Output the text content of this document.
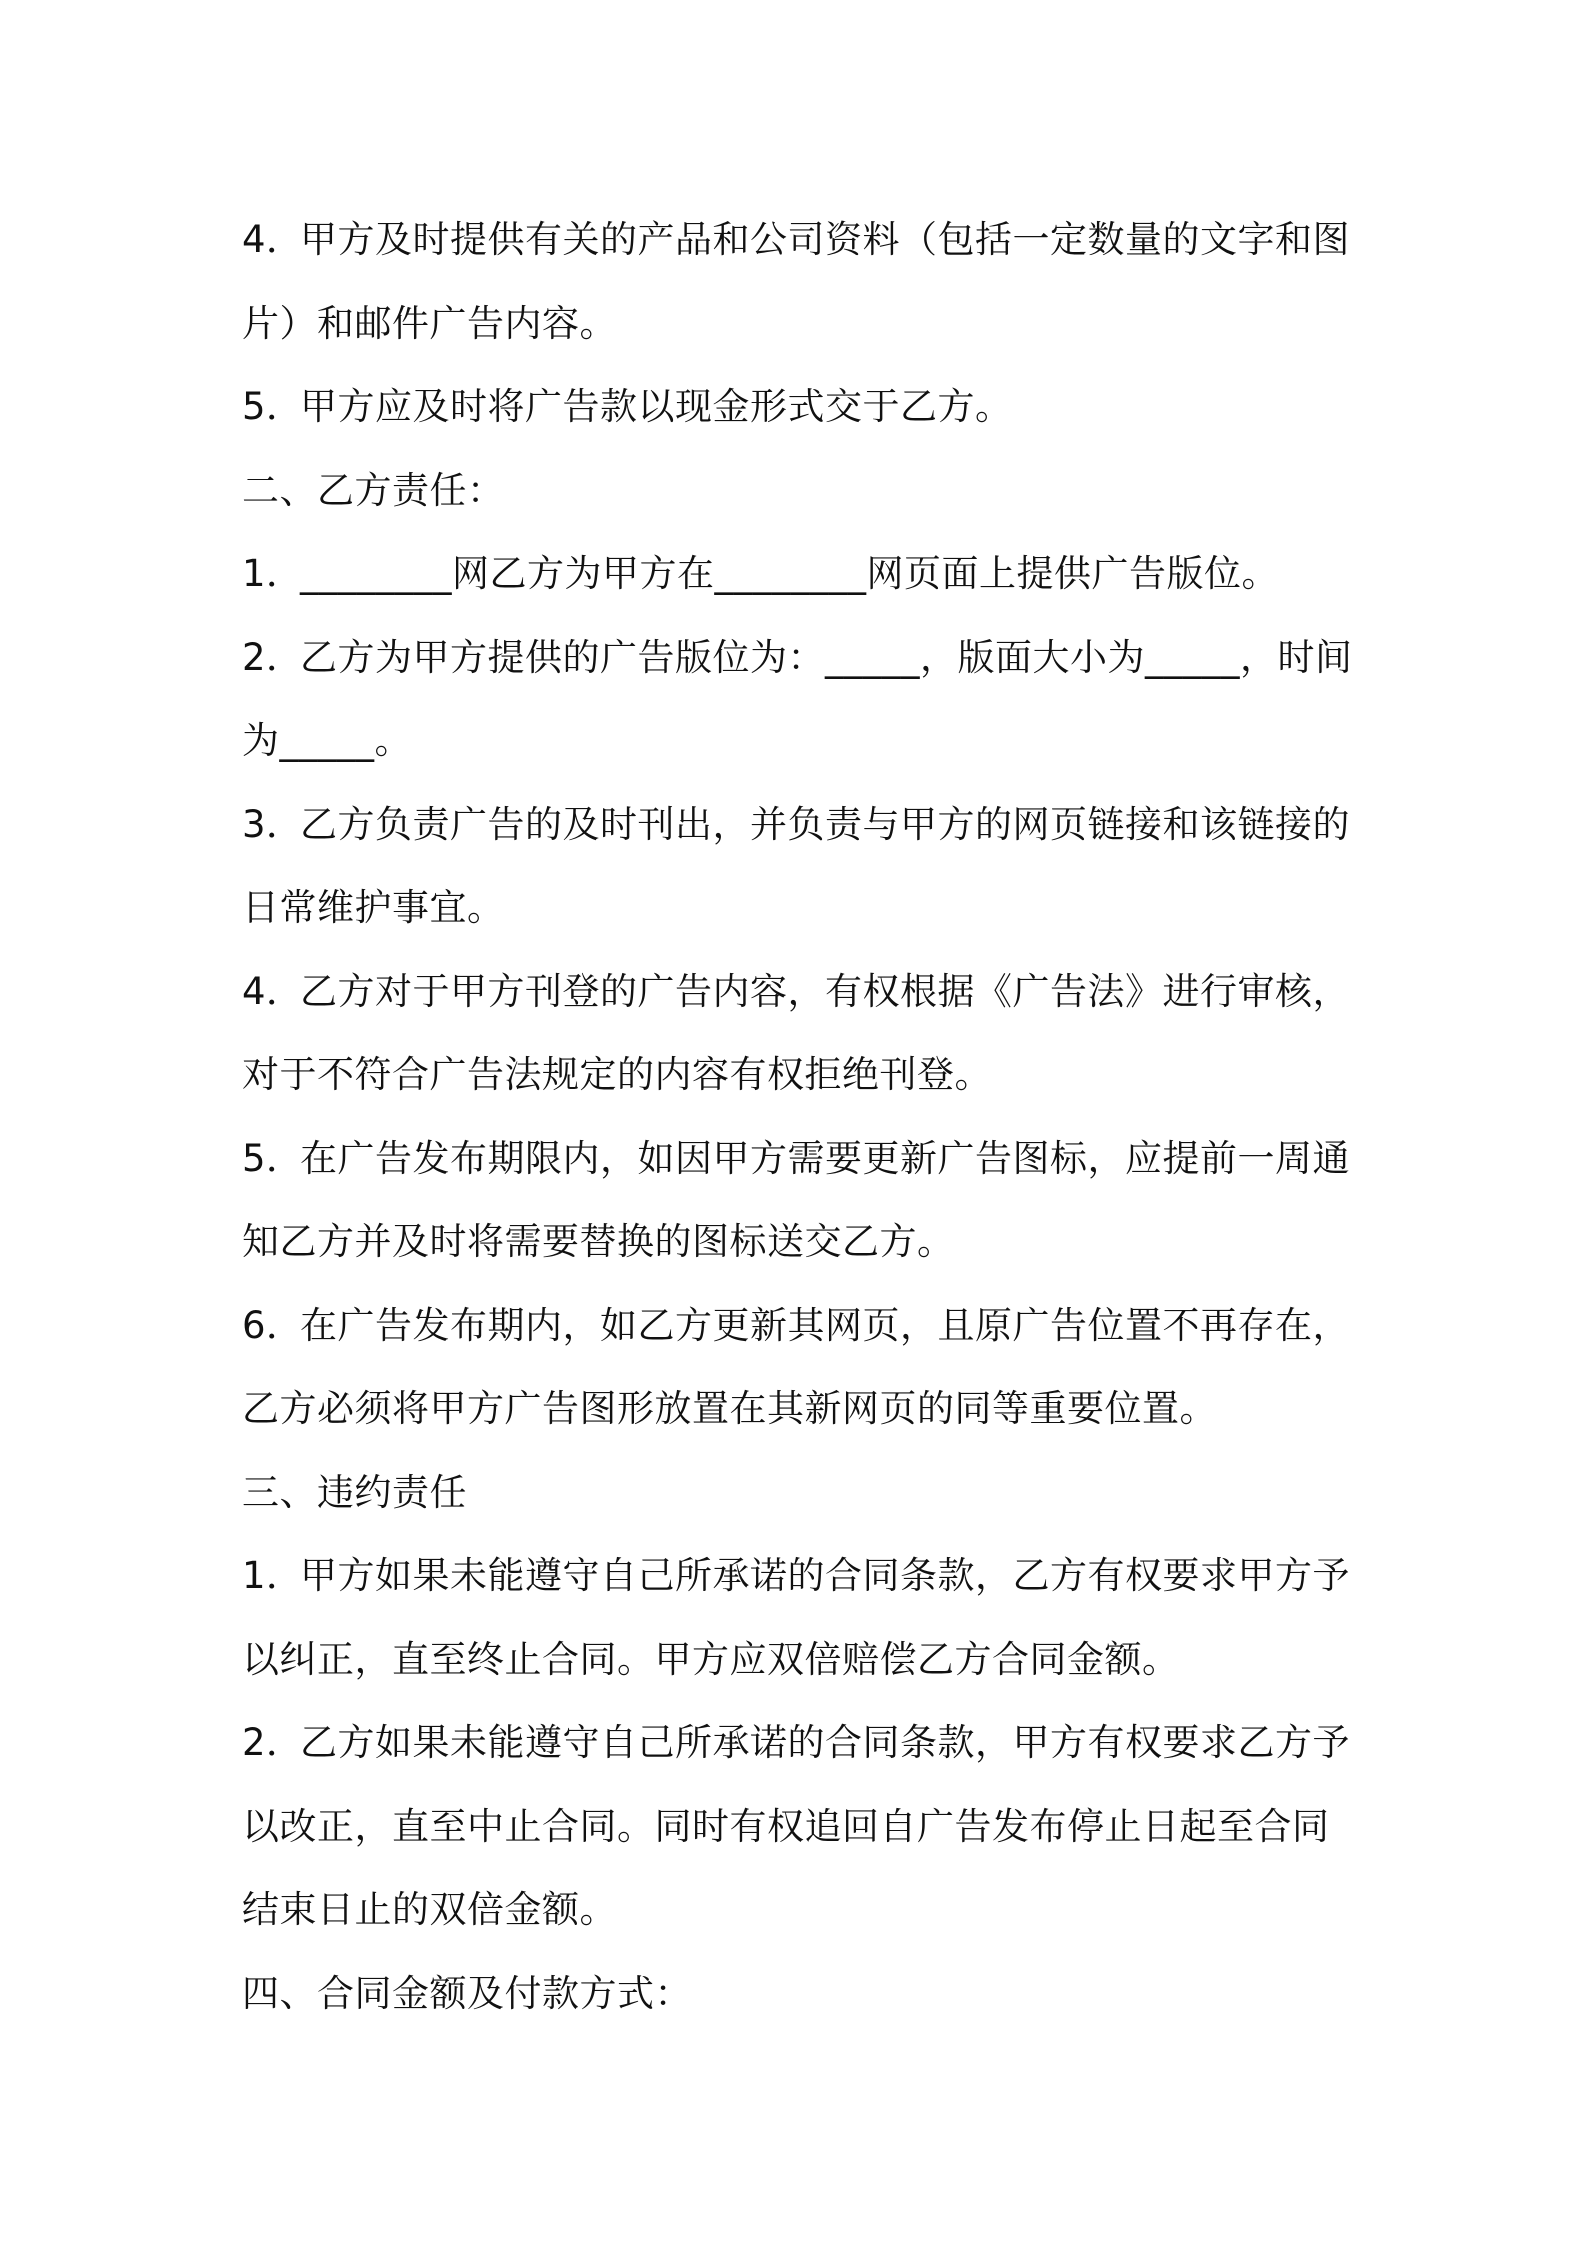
4．甲方及时提供有关的产品和公司资料（包括一定数量的文字和图片）和邮件广告内容。

5．甲方应及时将广告款以现金形式交于乙方。

二、乙方责任：

1．________网乙方为甲方在________网页面上提供广告版位。

2．乙方为甲方提供的广告版位为：_____，版面大小为_____，时间为_____。

3．乙方负责广告的及时刊出，并负责与甲方的网页链接和该链接的日常维护事宜。

4．乙方对于甲方刊登的广告内容，有权根据《广告法》进行审核，对于不符合广告法规定的内容有权拒绝刊登。

5．在广告发布期限内，如因甲方需要更新广告图标，应提前一周通知乙方并及时将需要替换的图标送交乙方。

6．在广告发布期内，如乙方更新其网页，且原广告位置不再存在，乙方必须将甲方广告图形放置在其新网页的同等重要位置。

三、违约责任

1．甲方如果未能遵守自己所承诺的合同条款，乙方有权要求甲方予以纠正，直至终止合同。甲方应双倍赔偿乙方合同金额。

2．乙方如果未能遵守自己所承诺的合同条款，甲方有权要求乙方予以改正，直至中止合同。同时有权追回自广告发布停止日起至合同结束日止的双倍金额。

四、合同金额及付款方式：
